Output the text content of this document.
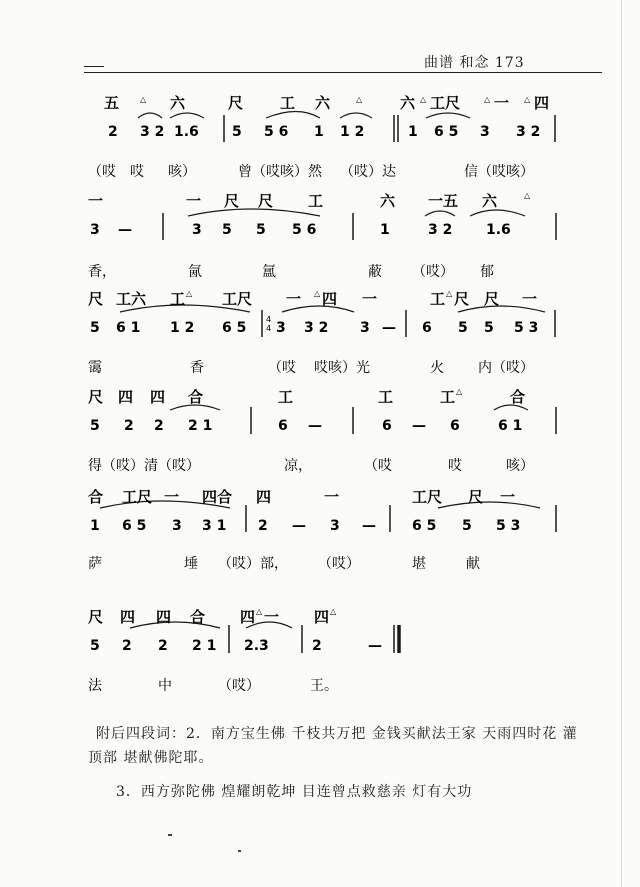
曲谱 和念 173
五	△ 六	尺 工 六	△	六 △ 工尺	△ 一 △ 四
2 3 2 1.6 5 5 6 1 1 2	1 6 5 3 3 2
（哎 哎 咳）	曾（哎咳）然 （哎）达	信（哎咳）
一	一 尺 尺 工	六 一五 六	△
3 —	3 5 5 5 6	1	3 2 1.6
香，	氤	氲	蔽 （哎） 郁
尺 工六 工 △ 工尺 一 △ 四 一	工 △ 尺 尺 一
5 6 1 1 2 6 5
4
4 3 3 2 3 — 6 5 5 5 3
霭	香	（哎 哎咳）光	火 内（哎）
尺 四 四 合	工	工	工 △	合
5 2 2 2 1	6 —	6 — 6	6 1
得（哎）清（哎）	凉，	（哎	哎	咳）
合 工尺 一 四合 四	一	工尺 尺 一
1 6 5 3 3 1 2 — 3 —	6 5 5 5 3
萨	埵 （哎）部， （哎）	堪	献
尺 四 四 合 四 △ 一 四 △
5 2 2 2 1 2.3	2	—
法	中	（哎）	王。
附后四段词：2．南方宝生佛 千枝共万把 金钱买献法王家 天雨四时花 灌顶部 堪献佛陀耶。
3．西方弥陀佛 煌耀朗乾坤 目连曾点救慈亲 灯有大功
